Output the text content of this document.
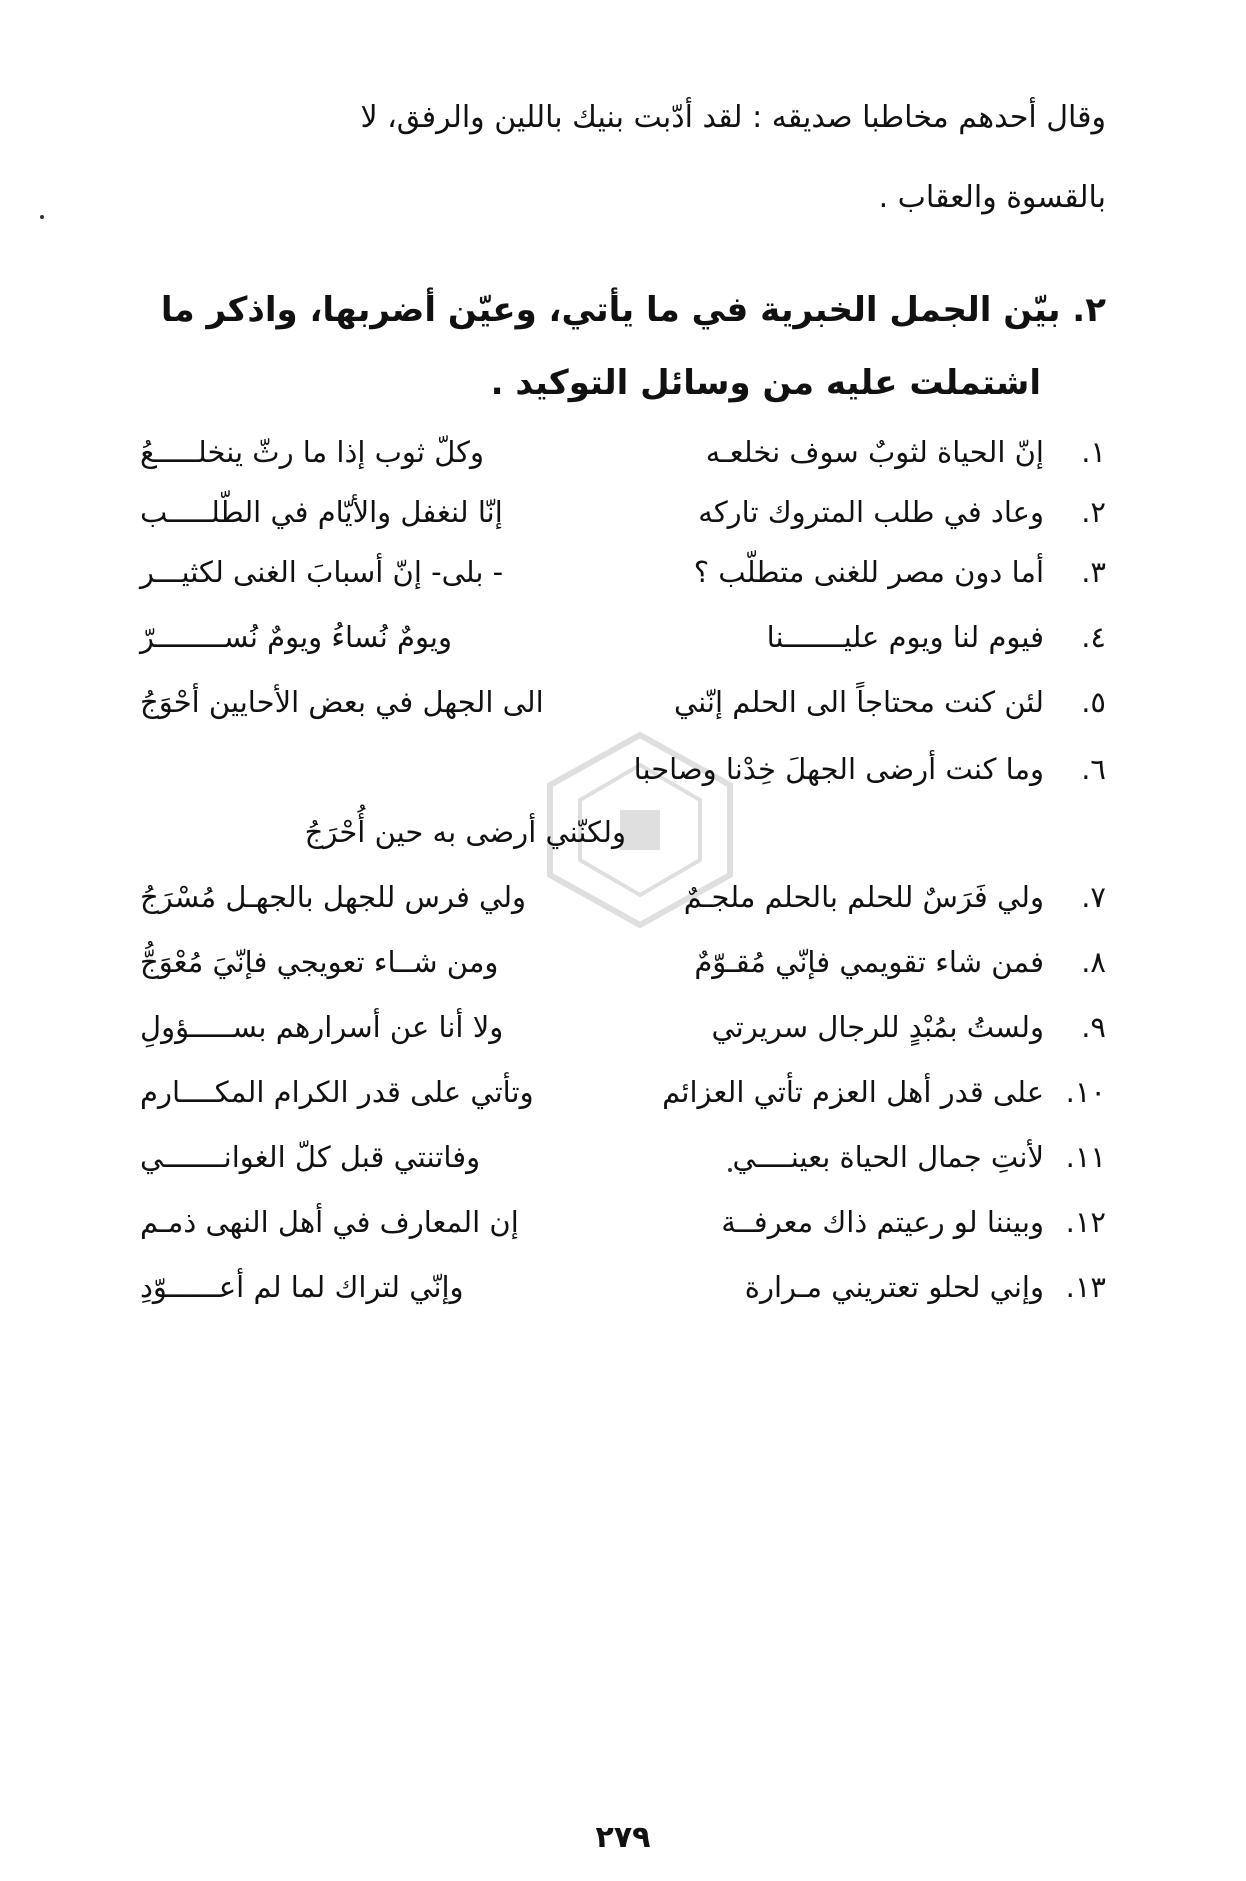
وقال أحدهم مخاطبا صديقه : لقد أدّبت بنيك باللين والرفق، لا
بالقسوة والعقاب .
٢. بيّن الجمل الخبرية في ما يأتي، وعيّن أضربها، واذكر ما
اشتملت عليه من وسائل التوكيد .
١.
إنّ الحياة لثوبٌ سوف نخلعـه
وكلّ ثوب إذا ما رثّ ينخلـــــعُ
٢.
وعاد في طلب المتروك تاركه
إنّا لنغفل والأيّام في الطّلـــــب
٣.
أما دون مصر للغنى متطلّب ؟
- بلى- إنّ أسبابَ الغنى لكثيـــر
٤.
فيوم لنا ويوم عليـــــــنا
ويومٌ نُساءُ ويومٌ نُســــــــرّ
٥.
لئن كنت محتاجاً الى الحلم إنّني
الى الجهل في بعض الأحايين أحْوَجُ
٦.
وما كنت أرضى الجهلَ خِدْنا وصاحبا
ولكنّني أرضى به حين أُحْرَجُ
٧.
ولي فَرَسٌ للحلم بالحلم ملجـمٌ
ولي فرس للجهل بالجهـل مُسْرَجُ
٨.
فمن شاء تقويمي فإنّي مُقـوّمٌ
ومن شــاء تعويجي فإنّيَ مُعْوَجُّ
٩.
ولستُ بمُبْدٍ للرجال سريرتي
ولا أنا عن أسرارهم بســـــؤولِ
١٠.
على قدر أهل العزم تأتي العزائم
وتأتي على قدر الكرام المكــــارم
١١.
لأنتِ جمال الحياة بعينــــي
وفاتنتي قبل كلّ الغوانـــــــي
١٢.
وبيننا لو رعيتم ذاك معرفــة
إن المعارف في أهل النهى ذمـم
١٣.
وإني لحلو تعتريني مـرارة
وإنّي لتراك لما لم أعــــــوّدِ
٢٧٩
